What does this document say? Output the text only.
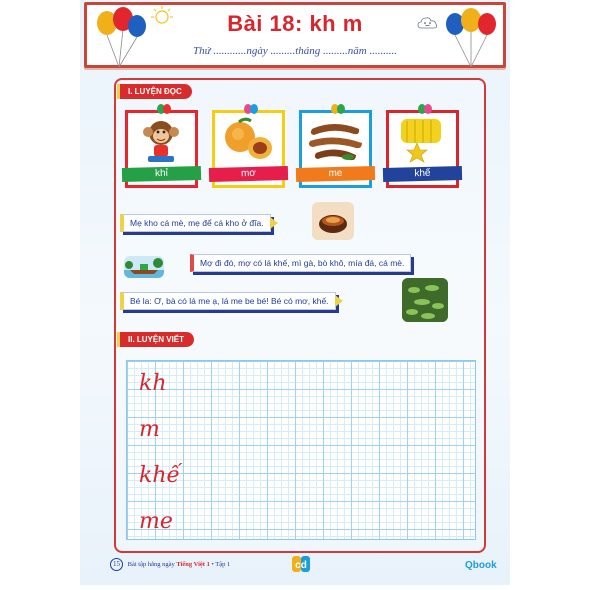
Bài 18: kh m
Thứ ............ngày .........tháng .........năm ..........
I. LUYỆN ĐỌC
khỉ	mơ	me	khế
Mẹ kho cá mè, mẹ để cá kho ở đĩa.
Mợ đi đò, mợ có lá khế, mì gà, bò khô, mía đá, cá mè.
Bé la: Ơ, bà có lá me ạ, lá me be bé! Bé có mơ, khế.
II. LUYỆN VIẾT
kh
m
khế
me
15 Bài tập hằng ngày Tiếng Việt 1 • Tập 1	cd	Qbook
